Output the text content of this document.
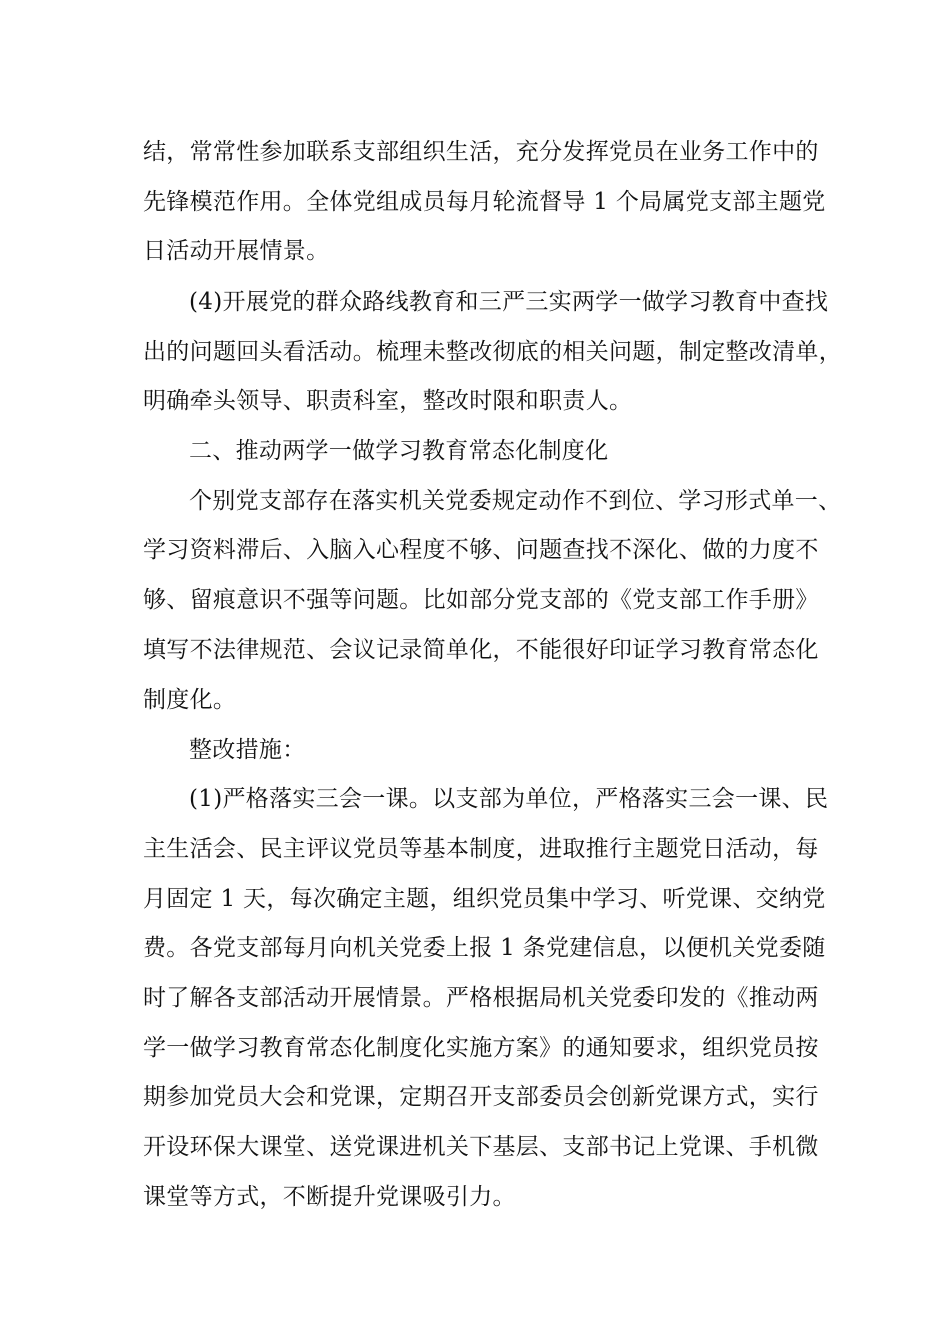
结，常常性参加联系支部组织生活，充分发挥党员在业务工作中的
先锋模范作用。全体党组成员每月轮流督导 1 个局属党支部主题党
日活动开展情景。
(4)开展党的群众路线教育和三严三实两学一做学习教育中查找
出的问题回头看活动。梳理未整改彻底的相关问题，制定整改清单，
明确牵头领导、职责科室，整改时限和职责人。
二、推动两学一做学习教育常态化制度化
个别党支部存在落实机关党委规定动作不到位、学习形式单一、
学习资料滞后、入脑入心程度不够、问题查找不深化、做的力度不
够、留痕意识不强等问题。比如部分党支部的《党支部工作手册》
填写不法律规范、会议记录简单化，不能很好印证学习教育常态化
制度化。
整改措施：
(1)严格落实三会一课。以支部为单位，严格落实三会一课、民
主生活会、民主评议党员等基本制度，进取推行主题党日活动，每
月固定 1 天，每次确定主题，组织党员集中学习、听党课、交纳党
费。各党支部每月向机关党委上报 1 条党建信息，以便机关党委随
时了解各支部活动开展情景。严格根据局机关党委印发的《推动两
学一做学习教育常态化制度化实施方案》的通知要求，组织党员按
期参加党员大会和党课，定期召开支部委员会创新党课方式，实行
开设环保大课堂、送党课进机关下基层、支部书记上党课、手机微
课堂等方式，不断提升党课吸引力。
